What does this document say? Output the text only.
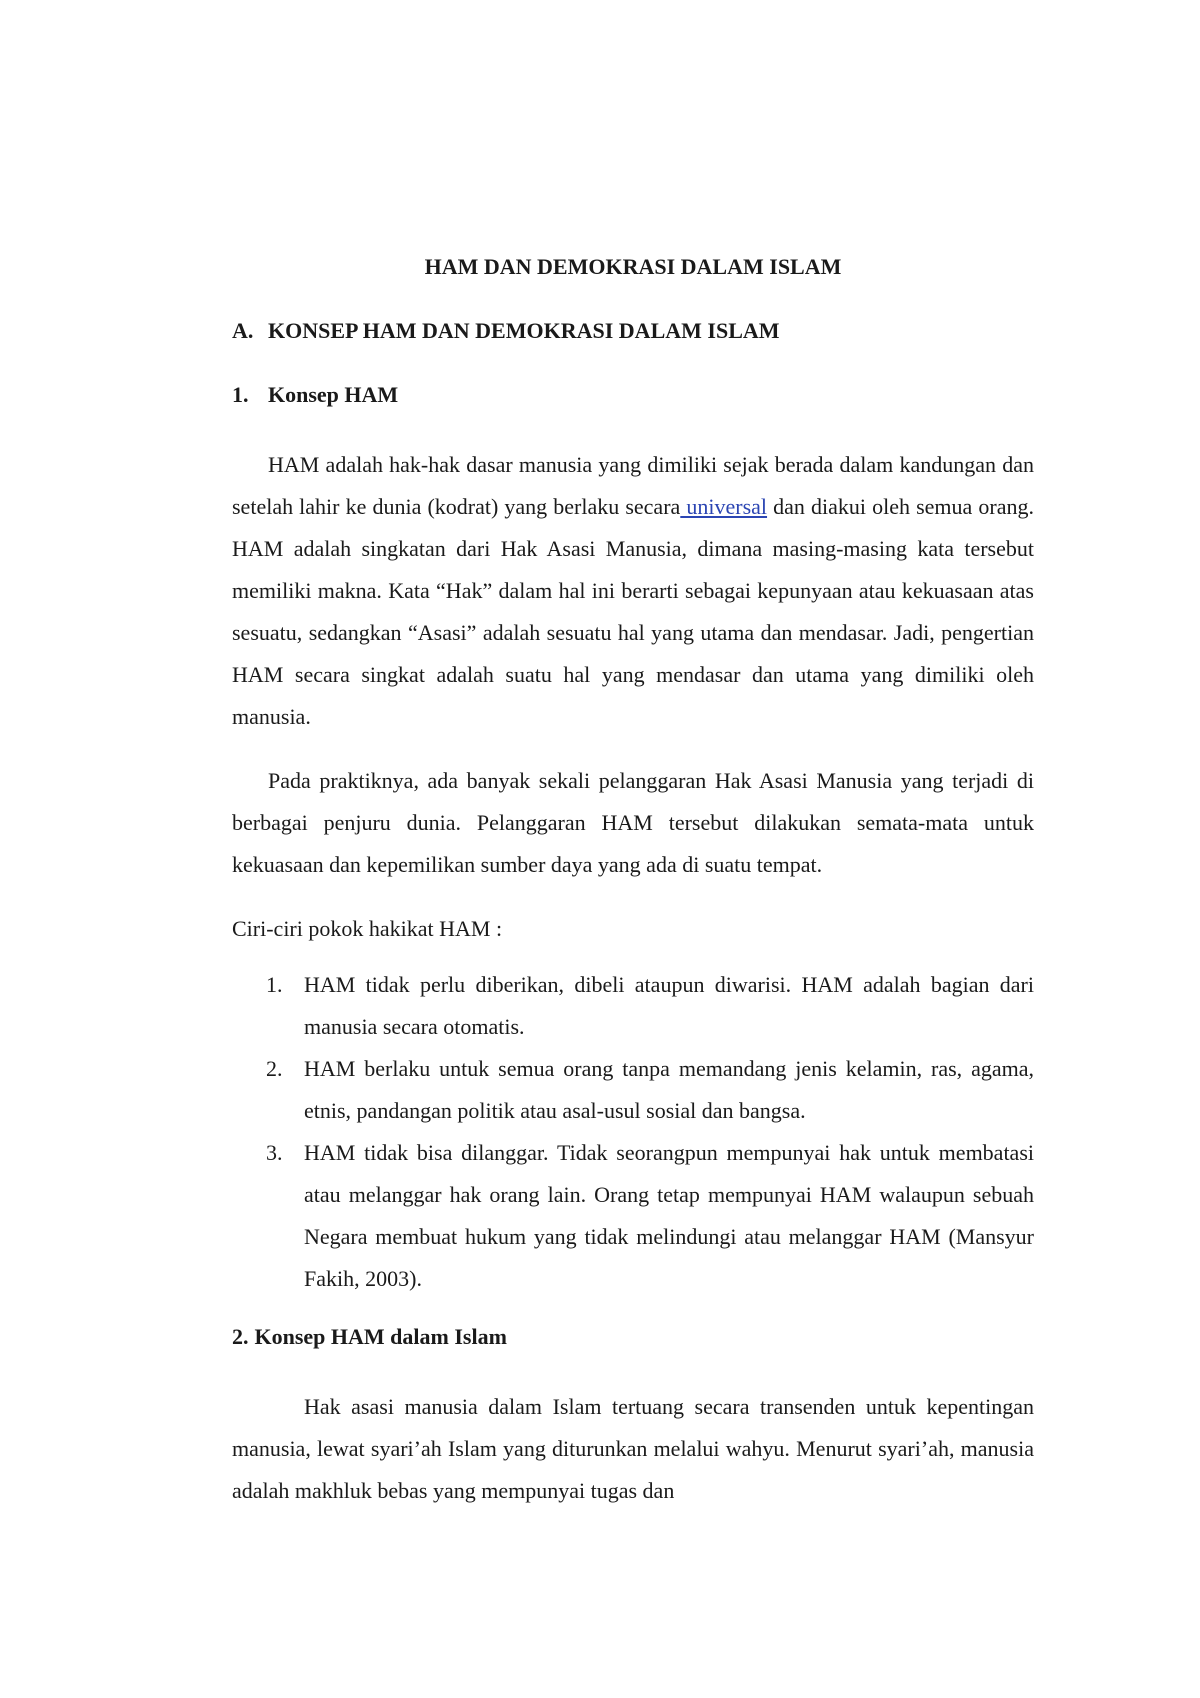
HAM DAN DEMOKRASI DALAM ISLAM
A. KONSEP HAM DAN DEMOKRASI DALAM ISLAM
1. Konsep HAM

HAM adalah hak-hak dasar manusia yang dimiliki sejak berada dalam kandungan dan setelah lahir ke dunia (kodrat) yang berlaku secara universal dan diakui oleh semua orang. HAM adalah singkatan dari Hak Asasi Manusia, dimana masing-masing kata tersebut memiliki makna. Kata “Hak” dalam hal ini berarti sebagai kepunyaan atau kekuasaan atas sesuatu, sedangkan “Asasi” adalah sesuatu hal yang utama dan mendasar. Jadi, pengertian HAM secara singkat adalah suatu hal yang mendasar dan utama yang dimiliki oleh manusia.

Pada praktiknya, ada banyak sekali pelanggaran Hak Asasi Manusia yang terjadi di berbagai penjuru dunia. Pelanggaran HAM tersebut dilakukan semata-mata untuk kekuasaan dan kepemilikan sumber daya yang ada di suatu tempat.

Ciri-ciri pokok hakikat HAM :

1. HAM tidak perlu diberikan, dibeli ataupun diwarisi. HAM adalah bagian dari manusia secara otomatis.
2. HAM berlaku untuk semua orang tanpa memandang jenis kelamin, ras, agama, etnis, pandangan politik atau asal-usul sosial dan bangsa.
3. HAM tidak bisa dilanggar. Tidak seorangpun mempunyai hak untuk membatasi atau melanggar hak orang lain. Orang tetap mempunyai HAM walaupun sebuah Negara membuat hukum yang tidak melindungi atau melanggar HAM (Mansyur Fakih, 2003).
2. Konsep HAM dalam Islam

Hak asasi manusia dalam Islam tertuang secara transenden untuk kepentingan manusia, lewat syari’ah Islam yang diturunkan melalui wahyu. Menurut syari’ah, manusia adalah makhluk bebas yang mempunyai tugas dan
